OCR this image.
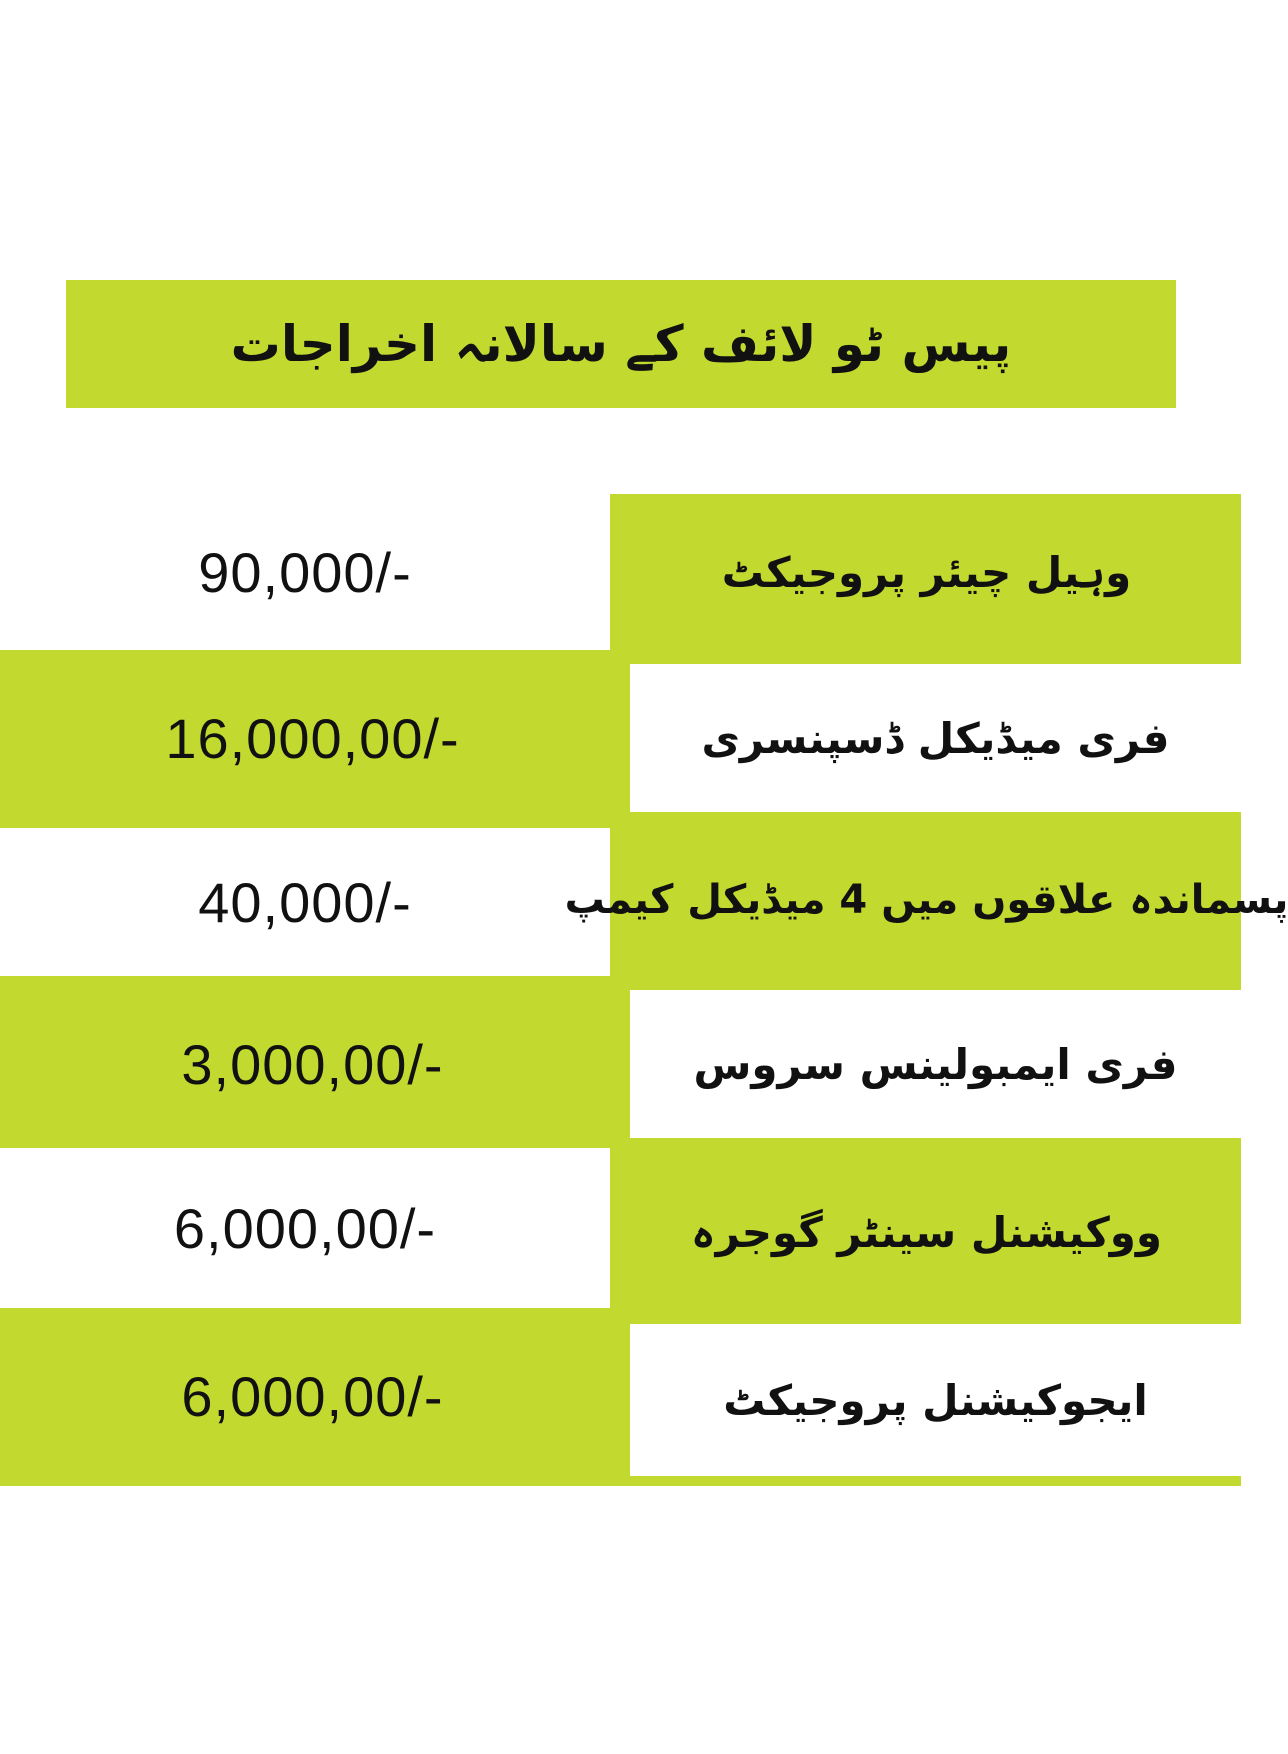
پیس ٹو لائف کے سالانہ اخراجات
90,000/-	وہیل چیئر پروجیکٹ
16,000,00/-	فری میڈیکل ڈسپنسری
40,000/-	پسماندہ علاقوں میں 4 میڈیکل کیمپ
3,000,00/-	فری ایمبولینس سروس
6,000,00/-	ووکیشنل سینٹر گوجرہ
6,000,00/-	ایجوکیشنل پروجیکٹ
